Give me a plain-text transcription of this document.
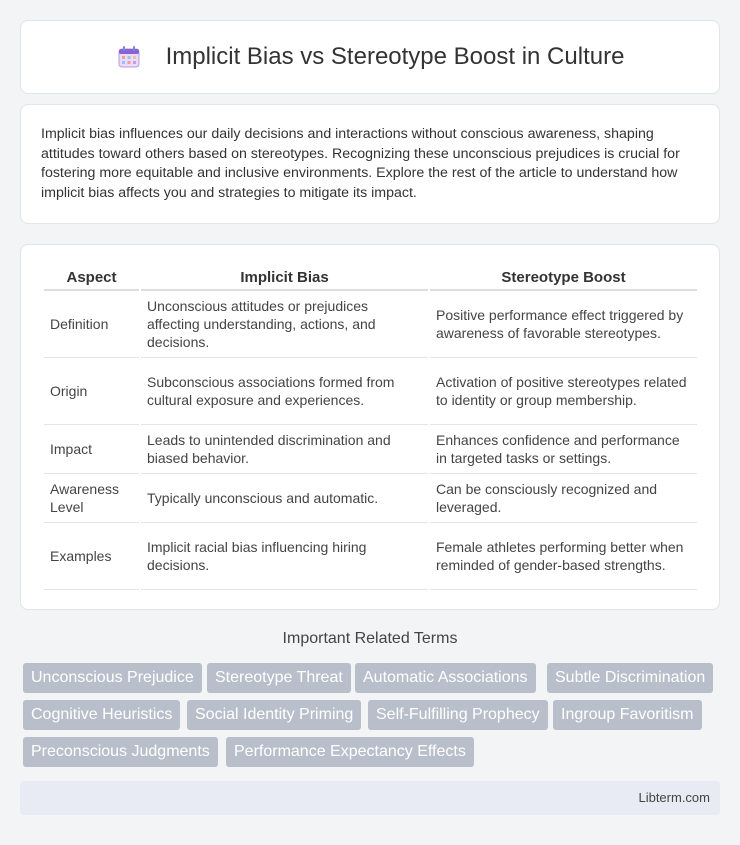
Implicit Bias vs Stereotype Boost in Culture

Implicit bias influences our daily decisions and interactions without conscious awareness, shaping attitudes toward others based on stereotypes. Recognizing these unconscious prejudices is crucial for fostering more equitable and inclusive environments. Explore the rest of the article to understand how implicit bias affects you and strategies to mitigate its impact.

Aspect	Implicit Bias	Stereotype Boost
Definition	Unconscious attitudes or prejudices affecting understanding, actions, and decisions.	Positive performance effect triggered by awareness of favorable stereotypes.
Origin	Subconscious associations formed from cultural exposure and experiences.	Activation of positive stereotypes related to identity or group membership.
Impact	Leads to unintended discrimination and biased behavior.	Enhances confidence and performance in targeted tasks or settings.
Awareness Level	Typically unconscious and automatic.	Can be consciously recognized and leveraged.
Examples	Implicit racial bias influencing hiring decisions.	Female athletes performing better when reminded of gender-based strengths.
Important Related Terms
Unconscious Prejudice	Stereotype Threat	Automatic Associations	Subtle Discrimination
Cognitive Heuristics	Social Identity Priming	Self-Fulfilling Prophecy	Ingroup Favoritism
Preconscious Judgments	Performance Expectancy Effects
Libterm.com
